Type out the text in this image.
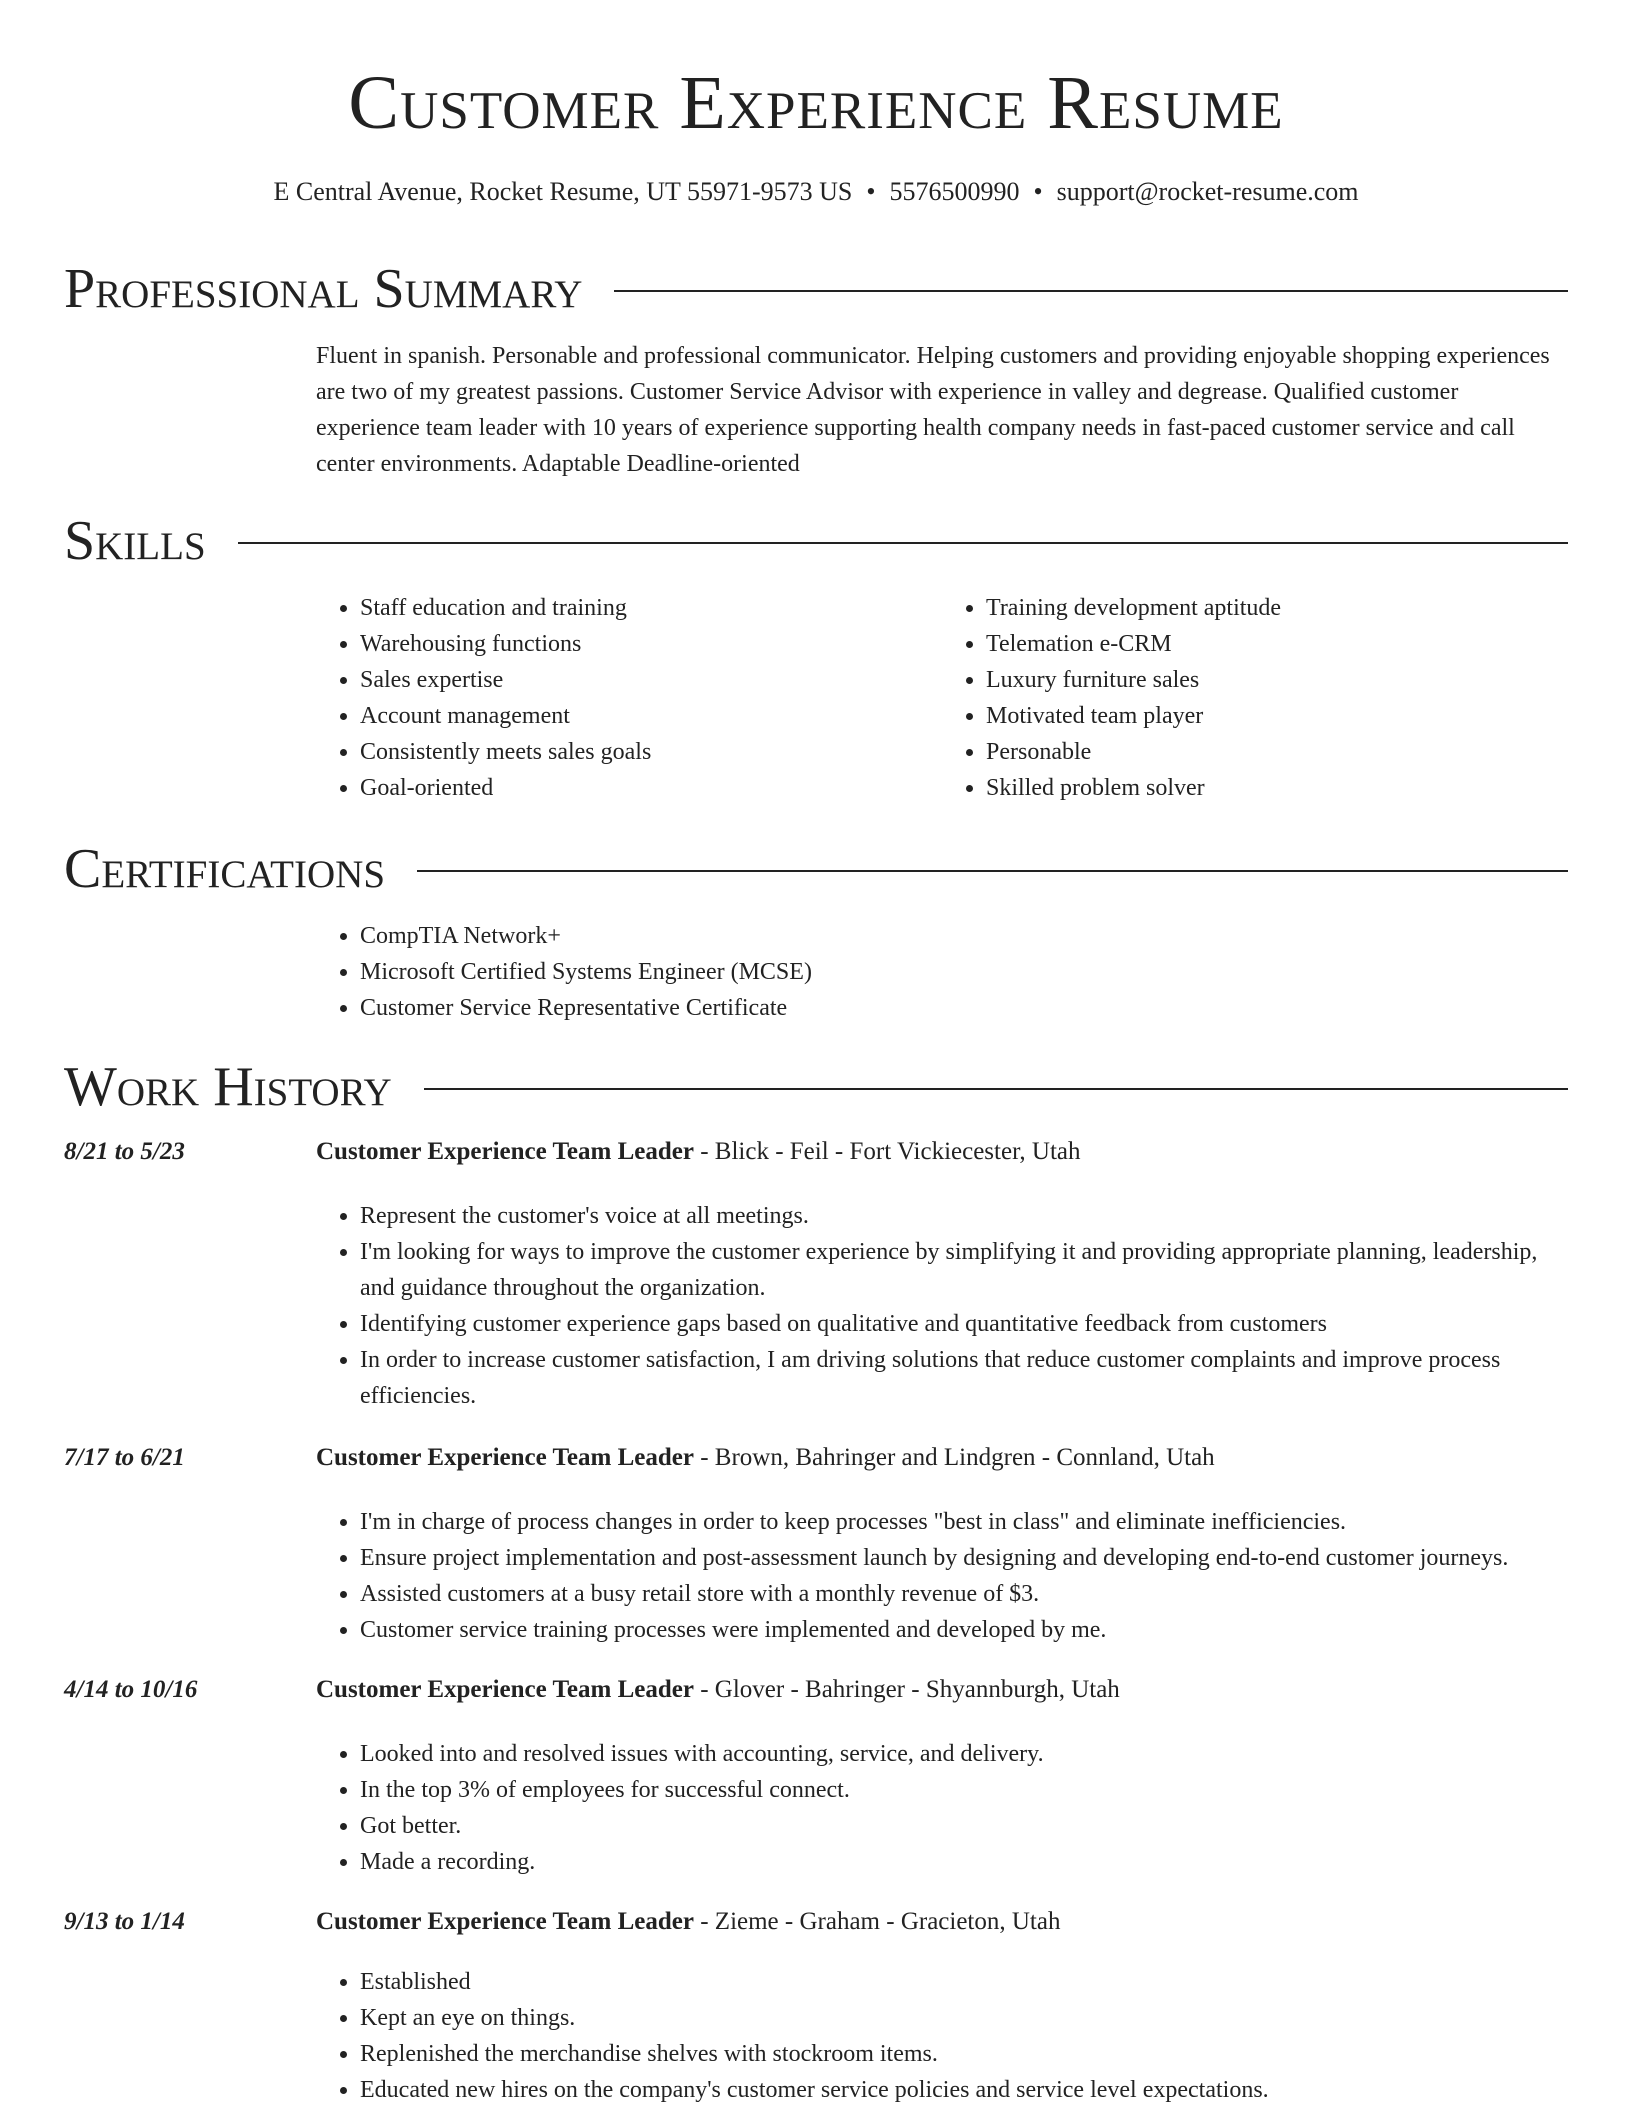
Customer Experience Resume
E Central Avenue, Rocket Resume, UT 55971-9573 US • 5576500990 • support@rocket-resume.com
Professional Summary

Fluent in spanish. Personable and professional communicator. Helping customers and providing enjoyable shopping experiences are two of my greatest passions. Customer Service Advisor with experience in valley and degrease. Qualified customer experience team leader with 10 years of experience supporting health company needs in fast-paced customer service and call center environments. Adaptable Deadline-oriented

Skills
• Staff education and training
• Warehousing functions
• Sales expertise
• Account management
• Consistently meets sales goals
• Goal-oriented
• Training development aptitude
• Telemation e-CRM
• Luxury furniture sales
• Motivated team player
• Personable
• Skilled problem solver
Certifications
• CompTIA Network+
• Microsoft Certified Systems Engineer (MCSE)
• Customer Service Representative Certificate
Work History
8/21 to 5/23	Customer Experience Team Leader - Blick - Feil - Fort Vickiecester, Utah
• Represent the customer's voice at all meetings.
• I'm looking for ways to improve the customer experience by simplifying it and providing appropriate planning, leadership, and guidance throughout the organization.
• Identifying customer experience gaps based on qualitative and quantitative feedback from customers
• In order to increase customer satisfaction, I am driving solutions that reduce customer complaints and improve process efficiencies.
7/17 to 6/21	Customer Experience Team Leader - Brown, Bahringer and Lindgren - Connland, Utah
• I'm in charge of process changes in order to keep processes "best in class" and eliminate inefficiencies.
• Ensure project implementation and post-assessment launch by designing and developing end-to-end customer journeys.
• Assisted customers at a busy retail store with a monthly revenue of $3.
• Customer service training processes were implemented and developed by me.
4/14 to 10/16	Customer Experience Team Leader - Glover - Bahringer - Shyannburgh, Utah
• Looked into and resolved issues with accounting, service, and delivery.
• In the top 3% of employees for successful connect.
• Got better.
• Made a recording.
9/13 to 1/14	Customer Experience Team Leader - Zieme - Graham - Gracieton, Utah
• Established
• Kept an eye on things.
• Replenished the merchandise shelves with stockroom items.
• Educated new hires on the company's customer service policies and service level expectations.
